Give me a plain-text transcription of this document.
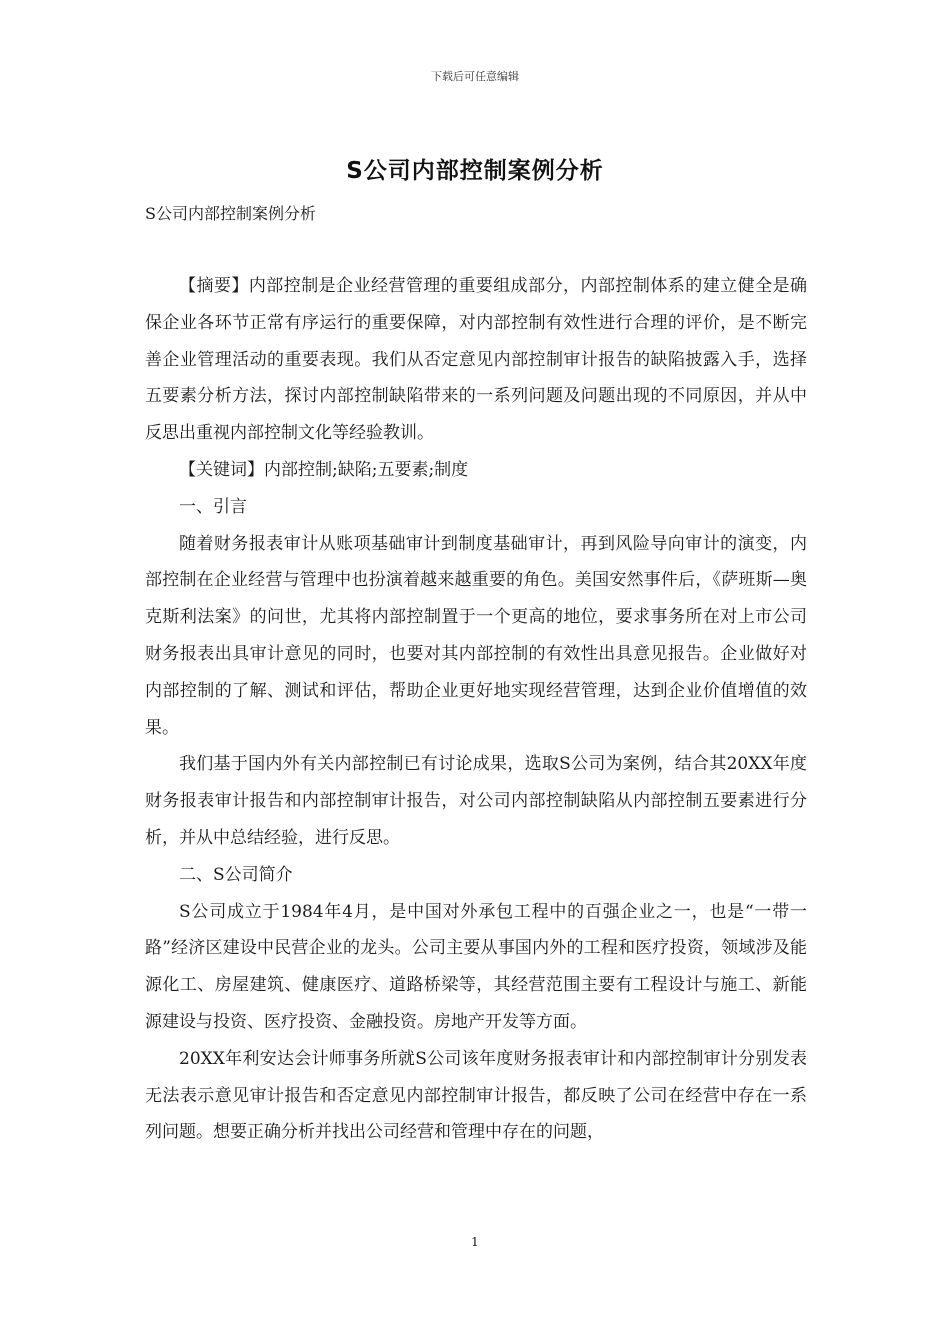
下载后可任意编辑
S公司内部控制案例分析
S公司内部控制案例分析

【摘要】内部控制是企业经营管理的重要组成部分，内部控制体系的建立健全是确保企业各环节正常有序运行的重要保障，对内部控制有效性进行合理的评价，是不断完善企业管理活动的重要表现。我们从否定意见内部控制审计报告的缺陷披露入手，选择五要素分析方法，探讨内部控制缺陷带来的一系列问题及问题出现的不同原因，并从中反思出重视内部控制文化等经验教训。

【关键词】内部控制;缺陷;五要素;制度

一、引言

随着财务报表审计从账项基础审计到制度基础审计，再到风险导向审计的演变，内部控制在企业经营与管理中也扮演着越来越重要的角色。美国安然事件后，《萨班斯—奥克斯利法案》的问世，尤其将内部控制置于一个更高的地位，要求事务所在对上市公司财务报表出具审计意见的同时，也要对其内部控制的有效性出具意见报告。企业做好对内部控制的了解、测试和评估，帮助企业更好地实现经营管理，达到企业价值增值的效果。

我们基于国内外有关内部控制已有讨论成果，选取S公司为案例，结合其20XX年度财务报表审计报告和内部控制审计报告，对公司内部控制缺陷从内部控制五要素进行分析，并从中总结经验，进行反思。

二、S公司简介

S公司成立于1984年4月，是中国对外承包工程中的百强企业之一，也是“一带一路”经济区建设中民营企业的龙头。公司主要从事国内外的工程和医疗投资，领域涉及能源化工、房屋建筑、健康医疗、道路桥梁等，其经营范围主要有工程设计与施工、新能源建设与投资、医疗投资、金融投资。房地产开发等方面。

20XX年利安达会计师事务所就S公司该年度财务报表审计和内部控制审计分别发表无法表示意见审计报告和否定意见内部控制审计报告，都反映了公司在经营中存在一系列问题。想要正确分析并找出公司经营和管理中存在的问题，

1
